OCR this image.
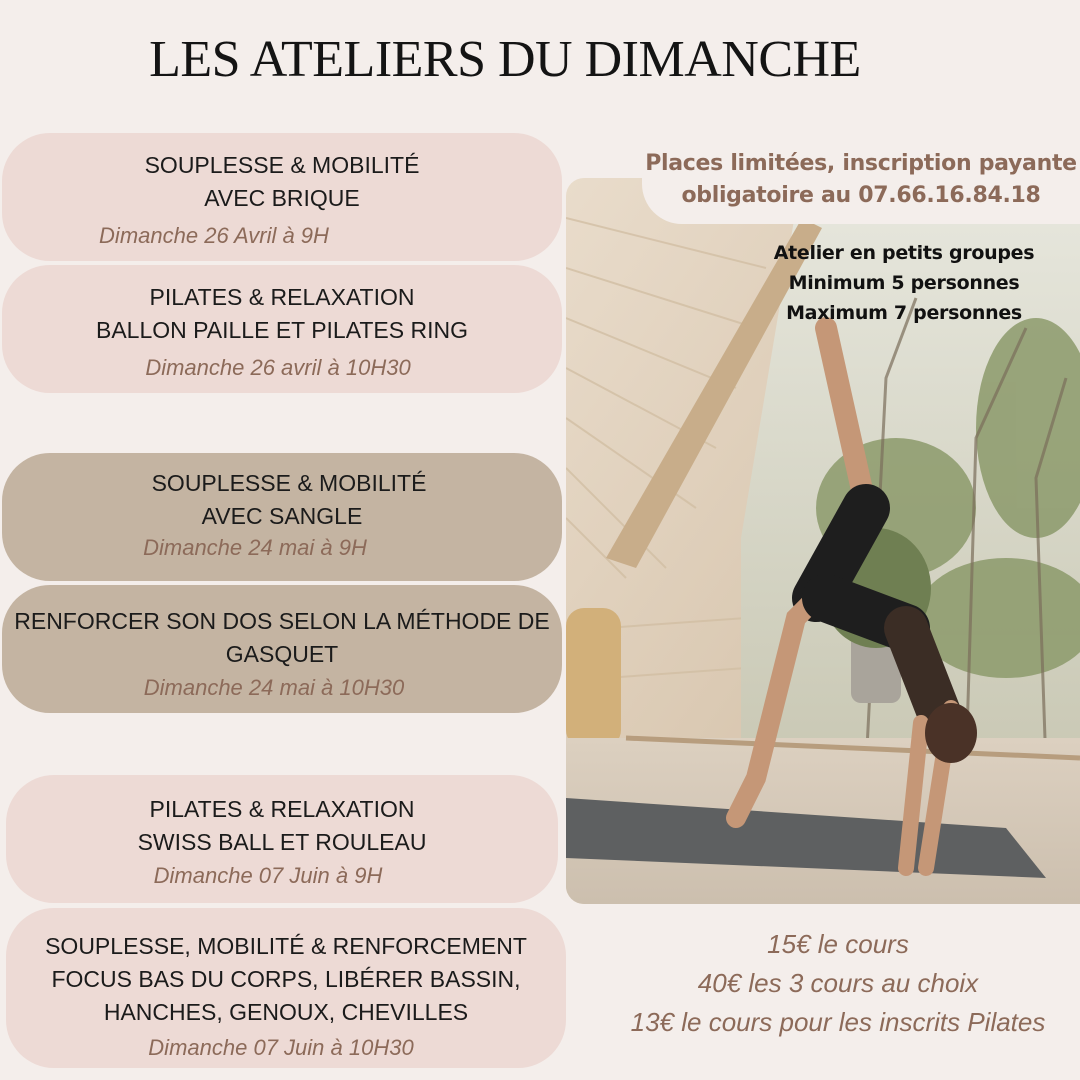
LES ATELIERS DU DIMANCHE
SOUPLESSE & MOBILITÉ
AVEC BRIQUE
Dimanche 26 Avril à 9H
PILATES & RELAXATION
BALLON PAILLE ET PILATES RING
Dimanche 26 avril à 10H30
SOUPLESSE & MOBILITÉ
AVEC SANGLE
Dimanche 24 mai à 9H
RENFORCER SON DOS SELON LA MÉTHODE DE
GASQUET
Dimanche 24 mai à 10H30
PILATES & RELAXATION
SWISS BALL ET ROULEAU
Dimanche 07 Juin à 9H
SOUPLESSE, MOBILITÉ & RENFORCEMENT
FOCUS BAS DU CORPS, LIBÉRER BASSIN,
HANCHES, GENOUX, CHEVILLES
Dimanche 07 Juin à 10H30
Places limitées, inscription payante
obligatoire au 07.66.16.84.18
Atelier en petits groupes
Minimum 5 personnes
Maximum 7 personnes
15€ le cours
40€ les 3 cours au choix
13€ le cours pour les inscrits Pilates
